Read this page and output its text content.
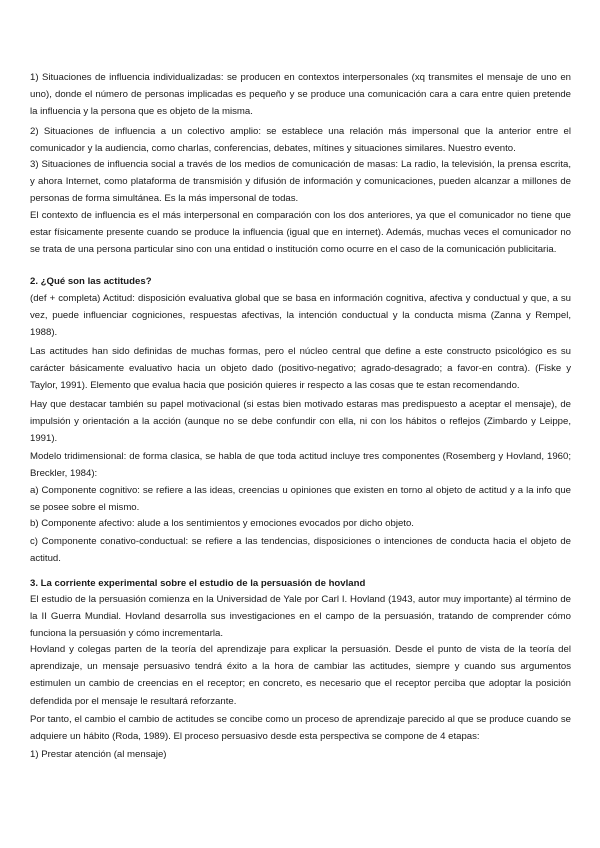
1) Situaciones de influencia individualizadas: se producen en contextos interpersonales (xq transmites el mensaje de uno en uno), donde el número de personas implicadas es pequeño y se produce una comunicación cara a cara entre quien pretende la influencia y la persona que es objeto de la misma.

2) Situaciones de influencia a un colectivo amplio: se establece una relación más impersonal que la anterior entre el comunicador y la audiencia, como charlas, conferencias, debates, mítines y situaciones similares. Nuestro evento.

3) Situaciones de influencia social a través de los medios de comunicación de masas: La radio, la televisión, la prensa escrita, y ahora Internet, como plataforma de transmisión y difusión de información y comunicaciones, pueden alcanzar a millones de personas de forma simultánea. Es la más impersonal de todas.

El contexto de influencia es el más interpersonal en comparación con los dos anteriores, ya que el comunicador no tiene que estar físicamente presente cuando se produce la influencia (igual que en internet). Además, muchas veces el comunicador no se trata de una persona particular sino con una entidad o institución como ocurre en el caso de la comunicación publicitaria.

2. ¿Qué son las actitudes?

(def + completa) Actitud: disposición evaluativa global que se basa en información cognitiva, afectiva y conductual y que, a su vez, puede influenciar cogniciones, respuestas afectivas, la intención conductual y la conducta misma (Zanna y Rempel, 1988).

Las actitudes han sido definidas de muchas formas, pero el núcleo central que define a este constructo psicológico es su carácter básicamente evaluativo hacia un objeto dado (positivo-negativo; agrado-desagrado; a favor-en contra). (Fiske y Taylor, 1991). Elemento que evalua hacia que posición quieres ir respecto a las cosas que te estan recomendando.

Hay que destacar también su papel motivacional (si estas bien motivado estaras mas predispuesto a aceptar el mensaje), de impulsión y orientación a la acción (aunque no se debe confundir con ella, ni con los hábitos o reflejos (Zimbardo y Leippe, 1991).

Modelo tridimensional: de forma clasica, se habla de que toda actitud incluye tres componentes (Rosemberg y Hovland, 1960; Breckler, 1984):

a) Componente cognitivo: se refiere a las ideas, creencias u opiniones que existen en torno al objeto de actitud y a la info que se posee sobre el mismo.

b) Componente afectivo: alude a los sentimientos y emociones evocados por dicho objeto.

c) Componente conativo-conductual: se refiere a las tendencias, disposiciones o intenciones de conducta hacia el objeto de actitud.

3. La corriente experimental sobre el estudio de la persuasión de hovland

El estudio de la persuasión comienza en la Universidad de Yale por Carl I. Hovland (1943, autor muy importante) al término de la II Guerra Mundial. Hovland desarrolla sus investigaciones en el campo de la persuasión, tratando de comprender cómo funciona la persuasión y cómo incrementarla.

Hovland y colegas parten de la teoría del aprendizaje para explicar la persuasión. Desde el punto de vista de la teoría del aprendizaje, un mensaje persuasivo tendrá éxito a la hora de cambiar las actitudes, siempre y cuando sus argumentos estimulen un cambio de creencias en el receptor; en concreto, es necesario que el receptor perciba que adoptar la posición defendida por el mensaje le resultará reforzante.

Por tanto, el cambio el cambio de actitudes se concibe como un proceso de aprendizaje parecido al que se produce cuando se adquiere un hábito (Roda, 1989). El proceso persuasivo desde esta perspectiva se compone de 4 etapas:

1) Prestar atención (al mensaje)
